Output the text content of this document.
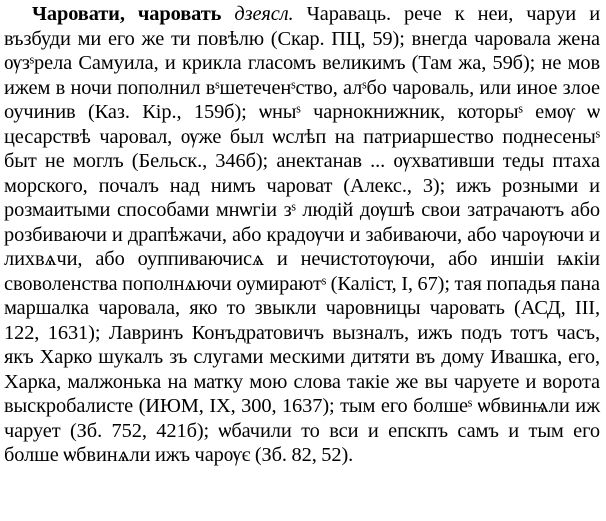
Чаровати, чаровать дзеясл. Чараваць. рече к неи, чаруи и възбуди ми его же ти повѣлю (Скар. ПЦ, 59); внегда чаровала жена ѹзˢрела Самуила, и крикла гласомъ великимъ (Там жа, 59б); не мов ижем в ночи пополнил вˢшетеченˢство, алˢбо чароваль, или иное злое оучинив (Каз. Кір., 159б); ѡныˢ чарнокнижник, которыˢ емѹ ѡ цесарствѣ чаровал, ѹже был ѡслѣп на патриаршество поднесеныˢ быт не моглъ (Бельск., 346б); анектанав ... ѹхвативши теды птаха морского, почалъ над нимъ чароват (Алекс., 3); ижъ розными и розмаитыми способами мнѡгiи зˢ людій дѹшѣ свои затрачаютъ або розбиваючи и драпѣжачи, або крадѹчи и забиваючи, або чарѹючи и лихвѧчи, або оуппиваючисѧ и нечистотѹючи, або иншiи ѩкiи своволенства пополнѧючи оумираютˢ (Каліст, І, 67); тая попадья пана маршалка чаровала, яко то звыкли чаровницы чаровать (АСД, III, 122, 1631); Лавринъ Конъдратовичъ вызналъ, ижъ подъ тотъ часъ, якъ Харко шукалъ зъ слугами мескими дитяти въ дому Ивашка, его, Харка, малжонька на матку мою слова такіе же вы чаруете и ворота выскробалисте (ИЮМ, IX, 300, 1637); тым его болшеˢ ѡбвинѩли иж чарует (Зб. 752, 421б); ѡбачили то вси и епскпъ самъ и тым его болше ѡбвинѧли ижъ чарѹє (Зб. 82, 52).
